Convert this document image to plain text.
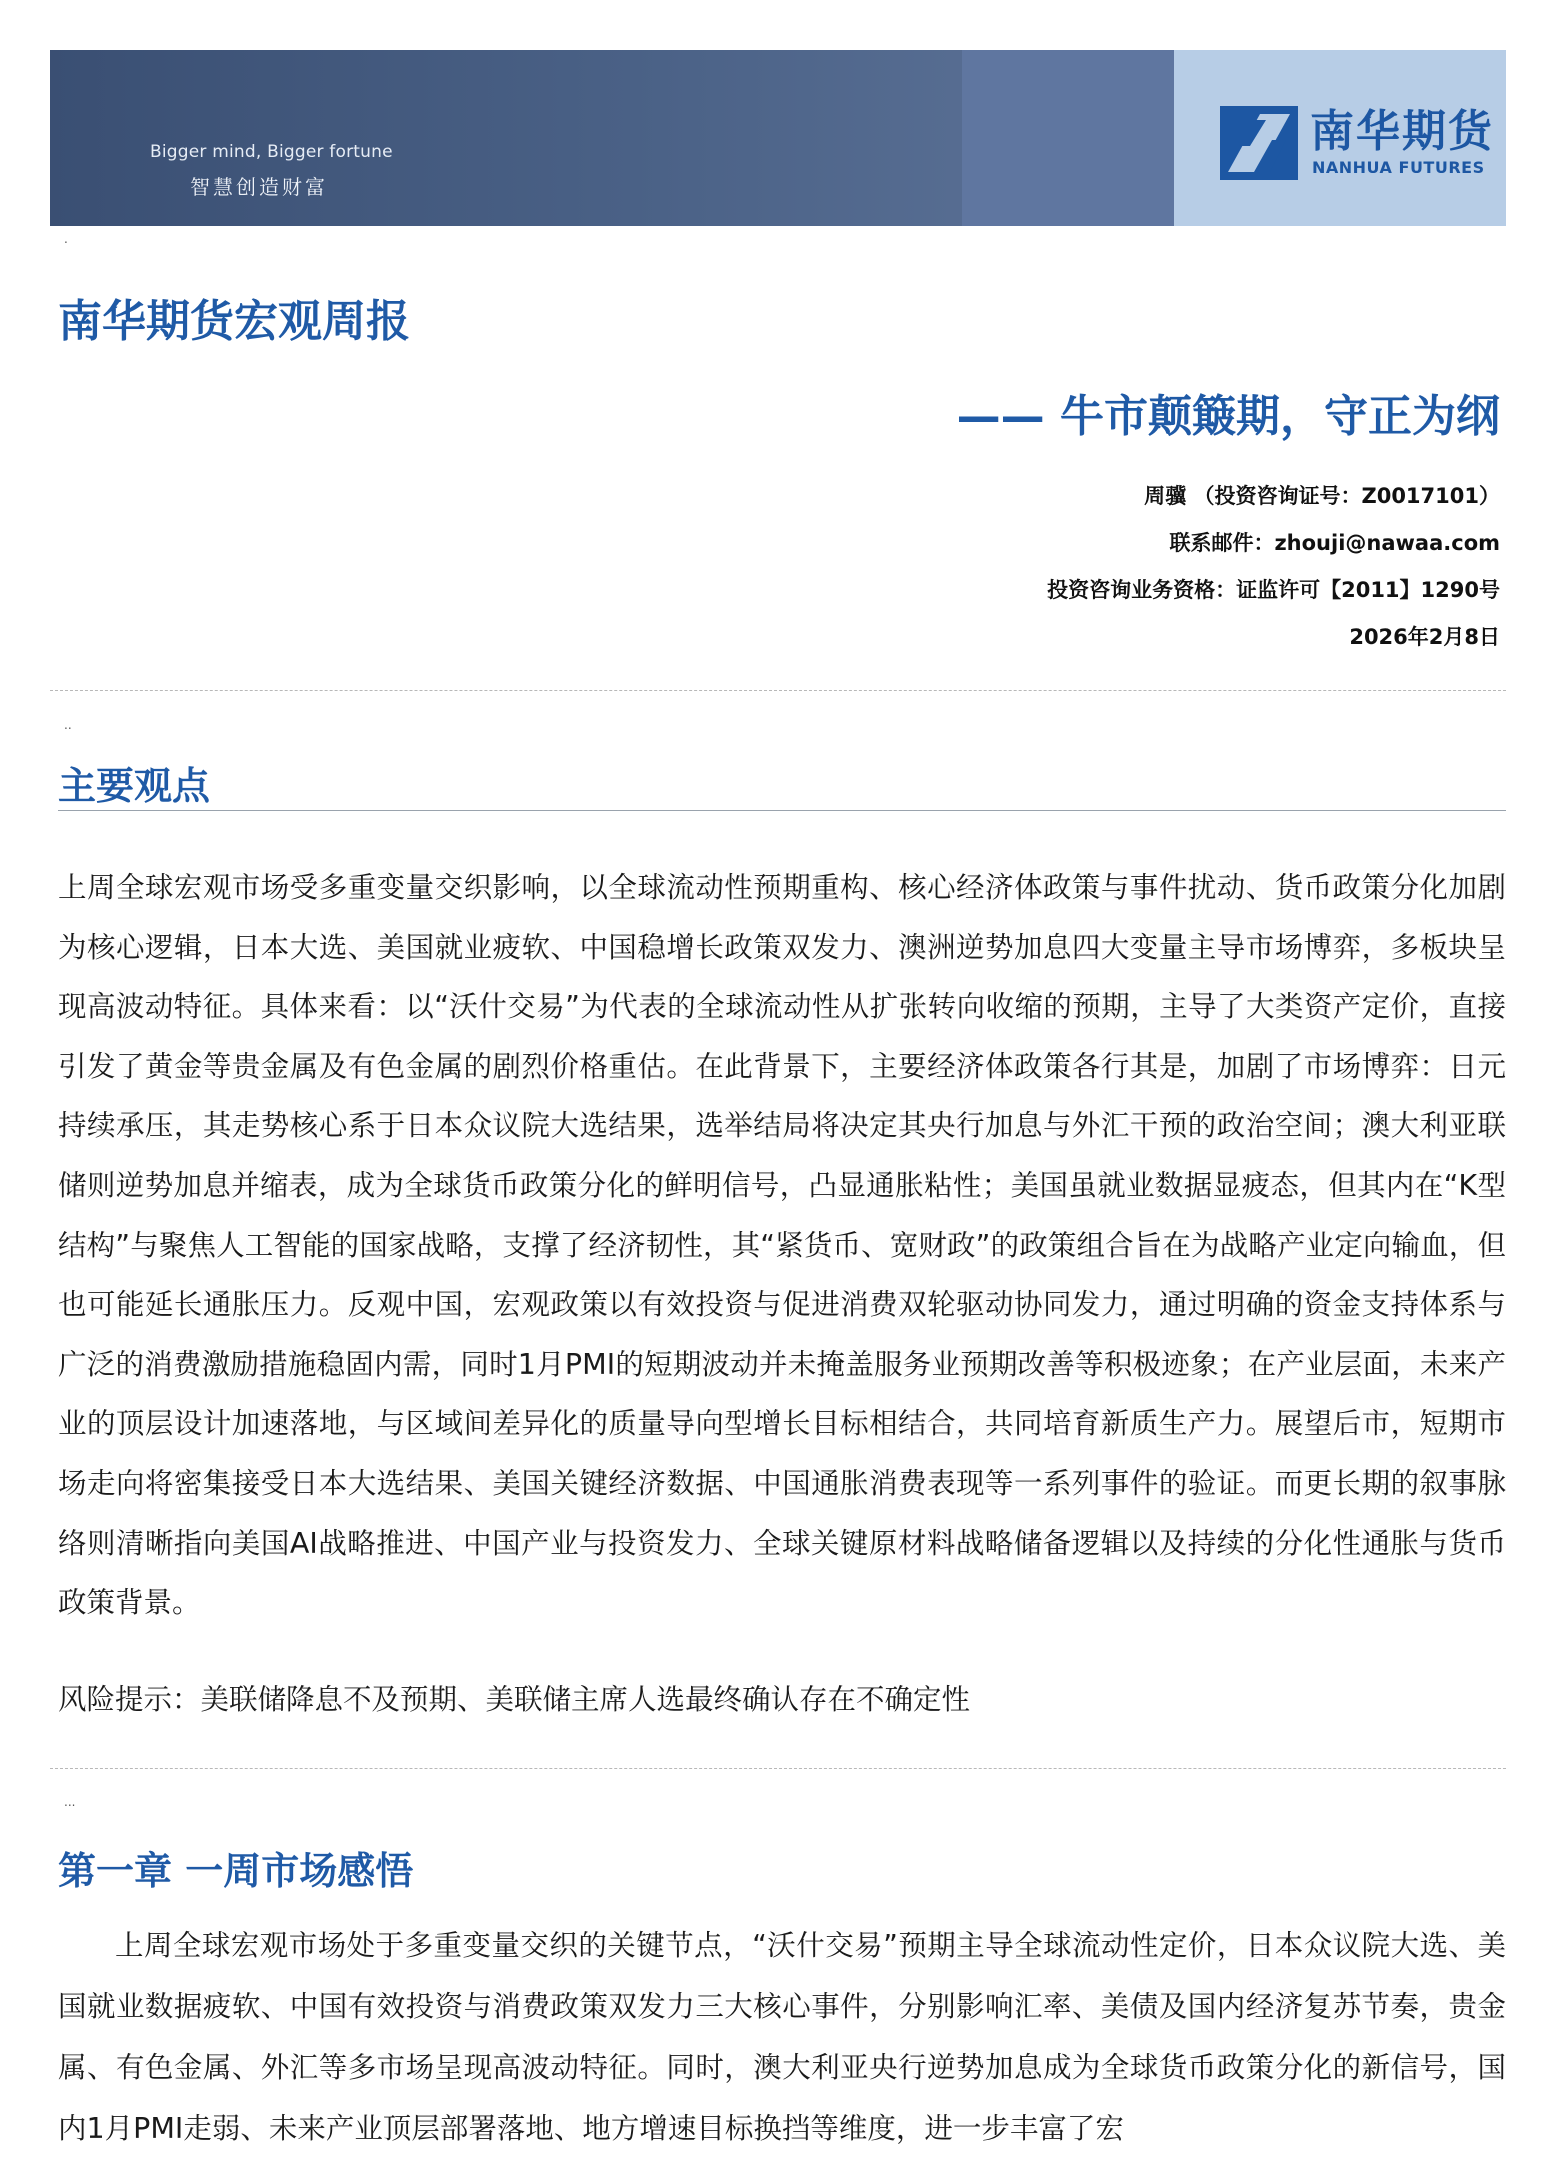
Bigger mind, Bigger fortune
智慧创造财富
南华期货
NANHUA FUTURES
.
南华期货宏观周报
—— 牛市颠簸期，守正为纲
周骥 （投资咨询证号：Z0017101）
联系邮件：zhouji@nawaa.com
投资咨询业务资格：证监许可【2011】1290号
2026年2月8日
..
主要观点

上周全球宏观市场受多重变量交织影响，以全球流动性预期重构、核心经济体政策与事件扰动、货币政策分化加剧为核心逻辑，日本大选、美国就业疲软、中国稳增长政策双发力、澳洲逆势加息四大变量主导市场博弈，多板块呈现高波动特征。具体来看：以“沃什交易”为代表的全球流动性从扩张转向收缩的预期，主导了大类资产定价，直接引发了黄金等贵金属及有色金属的剧烈价格重估。在此背景下，主要经济体政策各行其是，加剧了市场博弈：日元持续承压，其走势核心系于日本众议院大选结果，选举结局将决定其央行加息与外汇干预的政治空间；澳大利亚联储则逆势加息并缩表，成为全球货币政策分化的鲜明信号，凸显通胀粘性；美国虽就业数据显疲态，但其内在“K型结构”与聚焦人工智能的国家战略，支撑了经济韧性，其“紧货币、宽财政”的政策组合旨在为战略产业定向输血，但也可能延长通胀压力。反观中国，宏观政策以有效投资与促进消费双轮驱动协同发力，通过明确的资金支持体系与广泛的消费激励措施稳固内需，同时1月PMI的短期波动并未掩盖服务业预期改善等积极迹象；在产业层面，未来产业的顶层设计加速落地，与区域间差异化的质量导向型增长目标相结合，共同培育新质生产力。展望后市，短期市场走向将密集接受日本大选结果、美国关键经济数据、中国通胀消费表现等一系列事件的验证。而更长期的叙事脉络则清晰指向美国AI战略推进、中国产业与投资发力、全球关键原材料战略储备逻辑以及持续的分化性通胀与货币政策背景。

风险提示：美联储降息不及预期、美联储主席人选最终确认存在不确定性

...
第一章 一周市场感悟

上周全球宏观市场处于多重变量交织的关键节点，“沃什交易”预期主导全球流动性定价，日本众议院大选、美国就业数据疲软、中国有效投资与消费政策双发力三大核心事件，分别影响汇率、美债及国内经济复苏节奏，贵金属、有色金属、外汇等多市场呈现高波动特征。同时，澳大利亚央行逆势加息成为全球货币政策分化的新信号，国内1月PMI走弱、未来产业顶层部署落地、地方增速目标换挡等维度，进一步丰富了宏
